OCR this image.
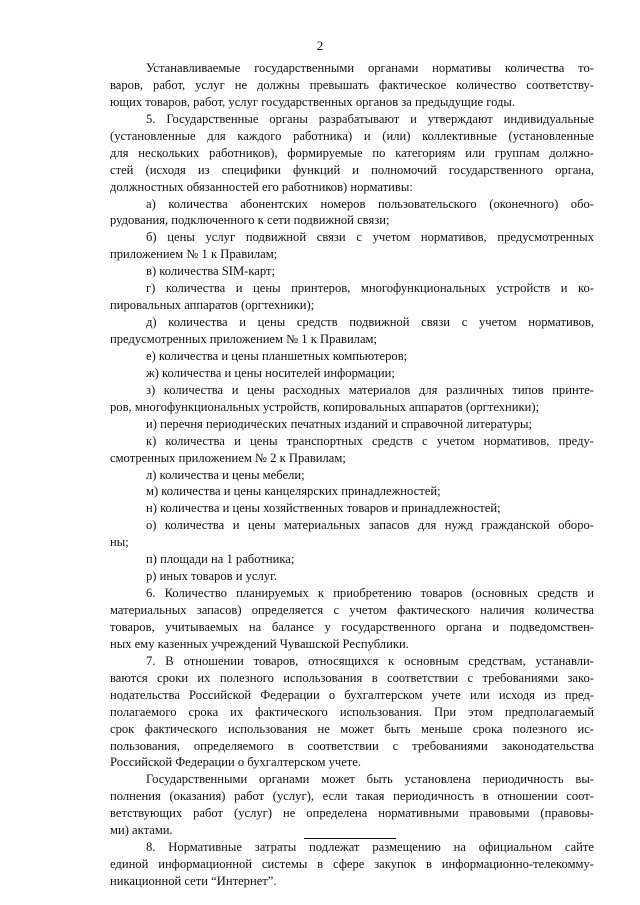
2
Устанавливаемые государственными органами нормативы количества то-
варов, работ, услуг не должны превышать фактическое количество соответству-
ющих товаров, работ, услуг государственных органов за предыдущие годы.
5. Государственные органы разрабатывают и утверждают индивидуальные
(установленные для каждого работника) и (или) коллективные (установленные
для нескольких работников), формируемые по категориям или группам должно-
стей (исходя из специфики функций и полномочий государственного органа,
должностных обязанностей его работников) нормативы:
а) количества абонентских номеров пользовательского (оконечного) обо-
рудования, подключенного к сети подвижной связи;
б) цены услуг подвижной связи с учетом нормативов, предусмотренных
приложением № 1 к Правилам;
в) количества SIM-карт;
г) количества и цены принтеров, многофункциональных устройств и ко-
пировальных аппаратов (оргтехники);
д) количества и цены средств подвижной связи с учетом нормативов,
предусмотренных приложением № 1 к Правилам;
е) количества и цены планшетных компьютеров;
ж) количества и цены носителей информации;
з) количества и цены расходных материалов для различных типов принте-
ров, многофункциональных устройств, копировальных аппаратов (оргтехники);
и) перечня периодических печатных изданий и справочной литературы;
к) количества и цены транспортных средств с учетом нормативов, преду-
смотренных приложением № 2 к Правилам;
л) количества и цены мебели;
м) количества и цены канцелярских принадлежностей;
н) количества и цены хозяйственных товаров и принадлежностей;
о) количества и цены материальных запасов для нужд гражданской оборо-
ны;
п) площади на 1 работника;
р) иных товаров и услуг.
6. Количество планируемых к приобретению товаров (основных средств и
материальных запасов) определяется с учетом фактического наличия количества
товаров, учитываемых на балансе у государственного органа и подведомствен-
ных ему казенных учреждений Чувашской Республики.
7. В отношении товаров, относящихся к основным средствам, устанавли-
ваются сроки их полезного использования в соответствии с требованиями зако-
нодательства Российской Федерации о бухгалтерском учете или исходя из пред-
полагаемого срока их фактического использования. При этом предполагаемый
срок фактического использования не может быть меньше срока полезного ис-
пользования, определяемого в соответствии с требованиями законодательства
Российской Федерации о бухгалтерском учете.
Государственными органами может быть установлена периодичность вы-
полнения (оказания) работ (услуг), если такая периодичность в отношении соот-
ветствующих работ (услуг) не определена нормативными правовыми (правовы-
ми) актами.
8. Нормативные затраты подлежат размещению на официальном сайте
единой информационной системы в сфере закупок в информационно-телекомму-
никационной сети “Интернет”.
